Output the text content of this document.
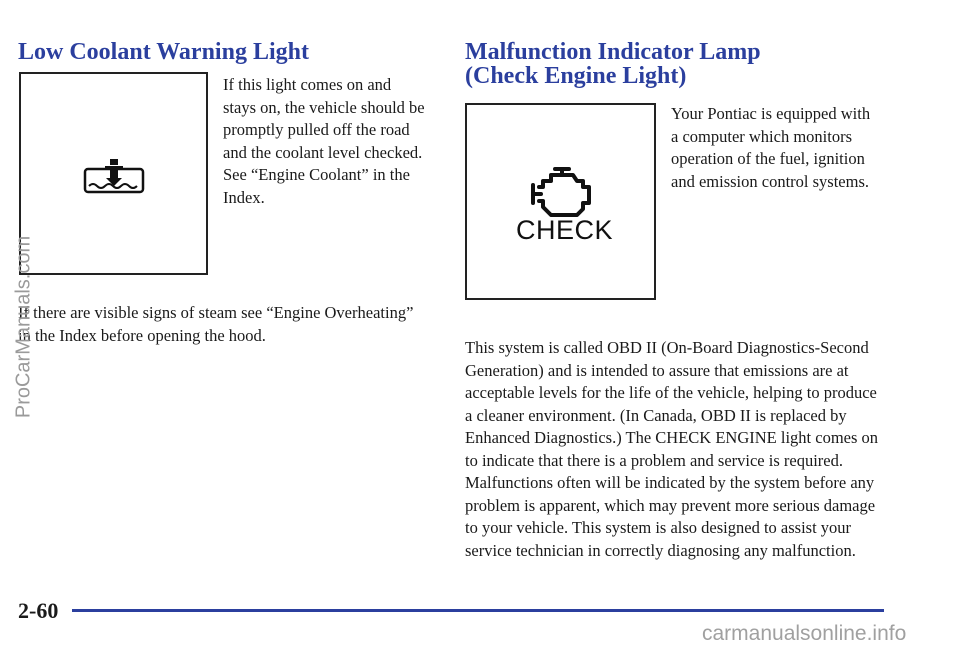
Low Coolant Warning Light

If this light comes on and stays on, the vehicle should be promptly pulled off the road and the coolant level checked. See “Engine Coolant” in the Index.

If there are visible signs of steam see “Engine Overheating” in the Index before opening the hood.

Malfunction Indicator Lamp
(Check Engine Light)
CHECK

Your Pontiac is equipped with a computer which monitors operation of the fuel, ignition and emission control systems.

This system is called OBD II (On-Board Diagnostics-Second Generation) and is intended to assure that emissions are at acceptable levels for the life of the vehicle, helping to produce a cleaner environment. (In Canada, OBD II is replaced by Enhanced Diagnostics.) The CHECK ENGINE light comes on to indicate that there is a problem and service is required. Malfunctions often will be indicated by the system before any problem is apparent, which may prevent more serious damage to your vehicle. This system is also designed to assist your service technician in correctly diagnosing any malfunction.

ProCarManuals.com
2-60
carmanualsonline.info
